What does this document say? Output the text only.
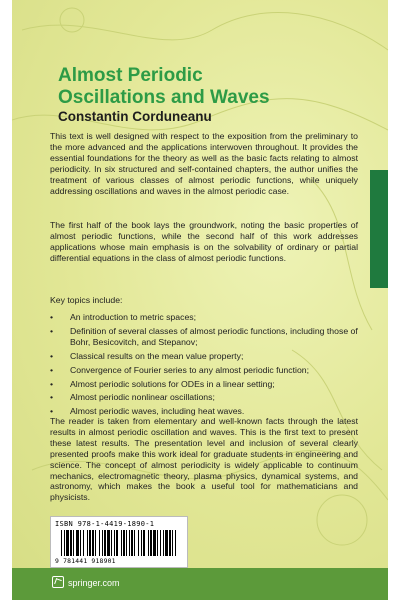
Almost Periodic
Oscillations and Waves
Constantin Corduneanu
This text is well designed with respect to the exposition from the preliminary to the more advanced and the applications interwoven throughout. It provides the essential foundations for the theory as well as the basic facts relating to almost periodicity. In six structured and self-contained chapters, the author unifies the treatment of various classes of almost periodic functions, while uniquely addressing oscillations and waves in the almost periodic case.
The first half of the book lays the groundwork, noting the basic properties of almost periodic functions, while the second half of this work addresses applications whose main emphasis is on the solvability of ordinary or partial differential equations in the class of almost periodic functions.
Key topics include:
• An introduction to metric spaces;
• Definition of several classes of almost periodic functions, including those of Bohr, Besicovitch, and Stepanov;
• Classical results on the mean value property;
• Convergence of Fourier series to any almost periodic function;
• Almost periodic solutions for ODEs in a linear setting;
• Almost periodic nonlinear oscillations;
• Almost periodic waves, including heat waves.
The reader is taken from elementary and well-known facts through the latest results in almost periodic oscillation and waves. This is the first text to present these latest results. The presentation level and inclusion of several clearly presented proofs make this work ideal for graduate students in engineering and science. The concept of almost periodicity is widely applicable to continuum mechanics, electromagnetic theory, plasma physics, dynamical systems, and astronomy, which makes the book a useful tool for mathematicians and physicists.
ISBN 978-1-4419-1890-1
9 781441 918901
springer.com
